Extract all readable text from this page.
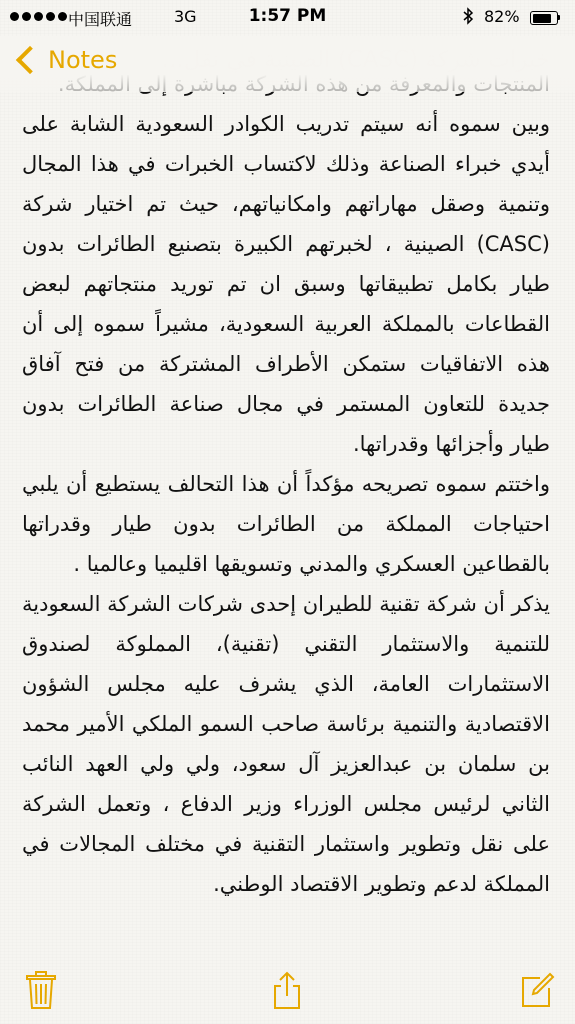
中国联通	3G	1:57 PM	82%
Notes

وبين سموه أنه سيتم تدريب الكوادر السعودية الشابة على أيدي خبراء الصناعة وذلك لاكتساب الخبرات في هذا المجال وتنمية وصقل مهاراتهم وامكانياتهم، حيث تم اختيار شركة (CASC) الصينية ، لخبرتهم الكبيرة بتصنيع الطائرات بدون طيار بكامل تطبيقاتها وسبق ان تم توريد منتجاتهم لبعض القطاعات بالمملكة العربية السعودية، مشيراً سموه إلى أن هذه الاتفاقيات ستمكن الأطراف المشتركة من فتح آفاق جديدة للتعاون المستمر في مجال صناعة الطائرات بدون طيار وأجزائها وقدراتها.

واختتم سموه تصريحه مؤكداً أن هذا التحالف يستطيع أن يلبي احتياجات المملكة من الطائرات بدون طيار وقدراتها بالقطاعين العسكري والمدني وتسويقها اقليميا وعالميا .

يذكر أن شركة تقنية للطيران إحدى شركات الشركة السعودية للتنمية والاستثمار التقني (تقنية)، المملوكة لصندوق الاستثمارات العامة، الذي يشرف عليه مجلس الشؤون الاقتصادية والتنمية برئاسة صاحب السمو الملكي الأمير محمد بن سلمان بن عبدالعزيز آل سعود، ولي ولي العهد النائب الثاني لرئيس مجلس الوزراء وزير الدفاع ، وتعمل الشركة على نقل وتطوير واستثمار التقنية في مختلف المجالات في المملكة لدعم وتطوير الاقتصاد الوطني.
